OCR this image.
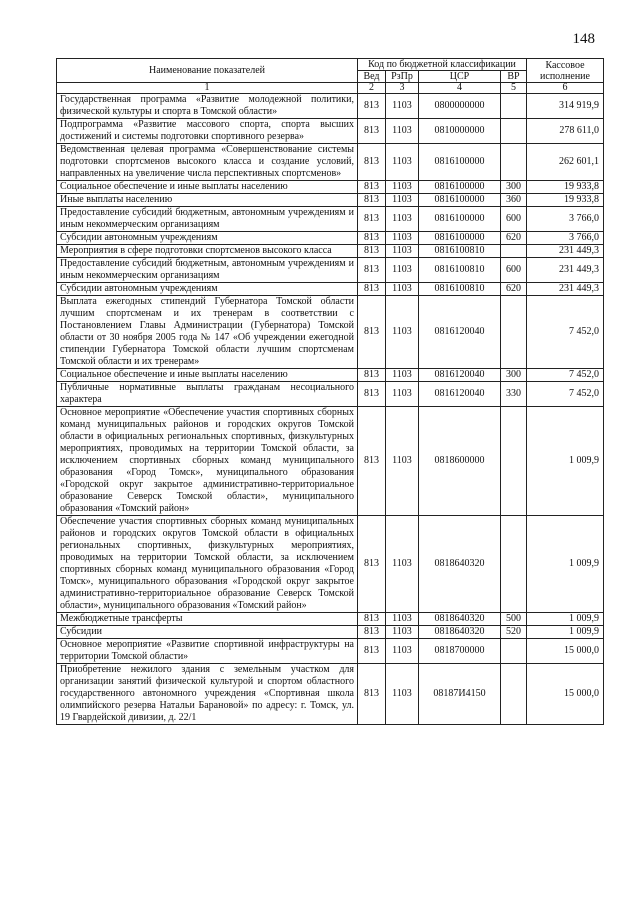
148
Наименование показателей	Код по бюджетной классификации				Кассовое исполнение
	Вед	РзПр	ЦСР	ВР	
1	2	3	4	5	6
Государственная программа «Развитие молодежной политики, физической культуры и спорта в Томской области»	813	1103	0800000000		314 919,9
Подпрограмма «Развитие массового спорта, спорта высших достижений и системы подготовки спортивного резерва»	813	1103	0810000000		278 611,0
Ведомственная целевая программа «Совершенствование системы подготовки спортсменов высокого класса и создание условий, направленных на увеличение числа перспективных спортсменов»	813	1103	0816100000		262 601,1
Социальное обеспечение и иные выплаты населению	813	1103	0816100000	300	19 933,8
Иные выплаты населению	813	1103	0816100000	360	19 933,8
Предоставление субсидий бюджетным, автономным учреждениям и иным некоммерческим организациям	813	1103	0816100000	600	3 766,0
Субсидии автономным учреждениям	813	1103	0816100000	620	3 766,0
Мероприятия в сфере подготовки спортсменов высокого класса	813	1103	0816100810		231 449,3
Предоставление субсидий бюджетным, автономным учреждениям и иным некоммерческим организациям	813	1103	0816100810	600	231 449,3
Субсидии автономным учреждениям	813	1103	0816100810	620	231 449,3
Выплата ежегодных стипендий Губернатора Томской области лучшим спортсменам и их тренерам в соответствии с Постановлением Главы Администрации (Губернатора) Томской области от 30 ноября 2005 года № 147 «Об учреждении ежегодной стипендии Губернатора Томской области лучшим спортсменам Томской области и их тренерам»	813	1103	0816120040		7 452,0
Социальное обеспечение и иные выплаты населению	813	1103	0816120040	300	7 452,0
Публичные нормативные выплаты гражданам несоциального характера	813	1103	0816120040	330	7 452,0
Основное мероприятие «Обеспечение участия спортивных сборных команд муниципальных районов и городских округов Томской области в официальных региональных спортивных, физкультурных мероприятиях, проводимых на территории Томской области, за исключением спортивных сборных команд муниципального образования «Город Томск», муниципального образования «Городской округ закрытое административно-территориальное образование Северск Томской области», муниципального образования «Томский район»	813	1103	0818600000		1 009,9
Обеспечение участия спортивных сборных команд муниципальных районов и городских округов Томской области в официальных региональных спортивных, физкультурных мероприятиях, проводимых на территории Томской области, за исключением спортивных сборных команд муниципального образования «Город Томск», муниципального образования «Городской округ закрытое административно-территориальное образование Северск Томской области», муниципального образования «Томский район»	813	1103	0818640320		1 009,9
Межбюджетные трансферты	813	1103	0818640320	500	1 009,9
Субсидии	813	1103	0818640320	520	1 009,9
Основное мероприятие «Развитие спортивной инфраструктуры на территории Томской области»	813	1103	0818700000		15 000,0
Приобретение нежилого здания с земельным участком для организации занятий физической культурой и спортом областного государственного автономного учреждения «Спортивная школа олимпийского резерва Натальи Барановой» по адресу: г. Томск, ул. 19 Гвардейской дивизии, д. 22/1	813	1103	08187И4150		15 000,0
